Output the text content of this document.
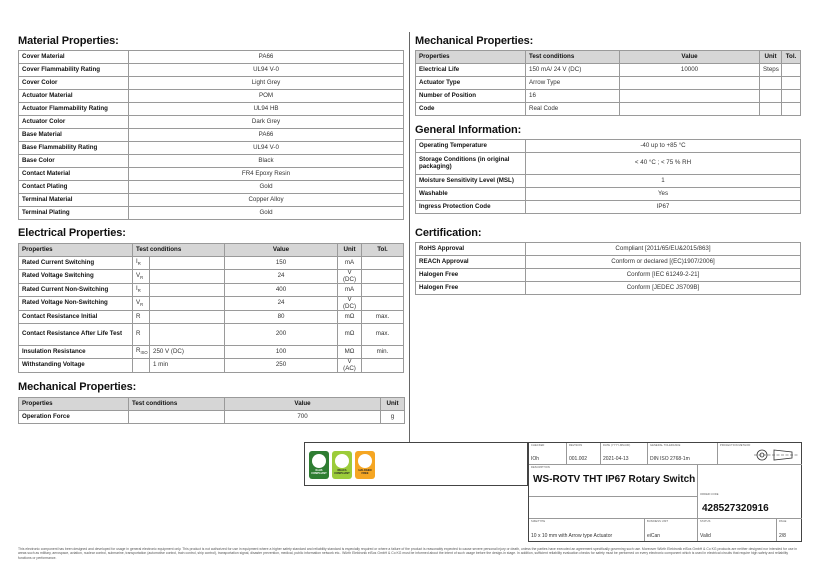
Material Properties:
Cover Material	PA66
Cover Flammability Rating	UL94 V-0
Cover Color	Light Grey
Actuator Material	POM
Actuator Flammability Rating	UL94 HB
Actuator Color	Dark Grey
Base Material	PA66
Base Flammability Rating	UL94 V-0
Base Color	Black
Contact Material	FR4 Epoxy Resin
Contact Plating	Gold
Terminal Material	Copper Alloy
Terminal Plating	Gold
Electrical Properties:
Properties	Test conditions		Value	Unit	Tol.
Rated Current Switching	$I_R$		150	mA	
Rated Voltage Switching	$V_R$		24	V (DC)	
Rated Current Non-Switching	$I_R$		400	mA	
Rated Voltage Non-Switching	$V_R$		24	V (DC)	
Contact Resistance Initial	R		80	mΩ	max.
Contact Resistance After Life Test	R		200	mΩ	max.
Insulation Resistance	$R_{ISO}$	250 V (DC)	100	MΩ	min.
Withstanding Voltage		1 min	250	V (AC)	
Mechanical Properties:
Properties	Test conditions	Value	Unit	
Operation Force		700	g	
Mechanical Properties:
Properties	Test conditions	Value	Unit	Tol.
Electrical Life	150 mA/ 24 V (DC)	10000	Steps	
Actuator Type	Arrow Type			
Number of Position	16			
Code	Real Code			
General Information:
Operating Temperature	-40 up to +85 °C
Storage Conditions (in original packaging)	< 40 °C ; < 75 % RH
Moisture Sensitivity Level (MSL)	1
Washable	Yes
Ingress Protection Code	IP67
Certification:
RoHS Approval	Compliant [2011/65/EU&2015/863]
REACh Approval	Conform or declared [(EC)1907/2006]
Halogen Free	Conform [IEC 61249-2-21]
Halogen Free	Conform [JEDEC JS709B]
RoHS COMPLIANT
REACh COMPLIANT
HALOGEN FREE
CHECKED
IOh
REVISION
001.002
DATE (YYYY-MM-DD)
2021-04-13
GENERAL TOLERANCE
DIN ISO 2768-1m
PROJECTION METHOD
DESCRIPTION
WS-ROTV THT IP67 Rotary Switch
ORDER CODE
428527320916
SIZE/TYPE
10 x 10 mm with Arrow type Actuator
BUSINESS UNIT
eiCan
STATUS
Valid
PAGE
2/8
This electronic component has been designed and developed for usage in general electronic equipment only. This product is not authorized for use in equipment where a higher safety standard and reliability standard is especially required or where a failure of the product is reasonably expected to cause severe personal injury or death, unless the parties have executed an agreement specifically governing such use. Moreover Würth Elektronik eiSos GmbH & Co KG products are neither designed nor intended for use in areas such as military, aerospace, aviation, nuclear control, submarine, transportation (automotive control, train control, ship control), transportation signal, disaster prevention, medical, public information network etc.. Würth Elektronik eiSos GmbH & Co KG must be informed about the intent of such usage before the design-in stage. In addition, sufficient reliability evaluation checks for safety must be performed on every electronic component which is used in electrical circuits that require high safety and reliability functions or performance.
